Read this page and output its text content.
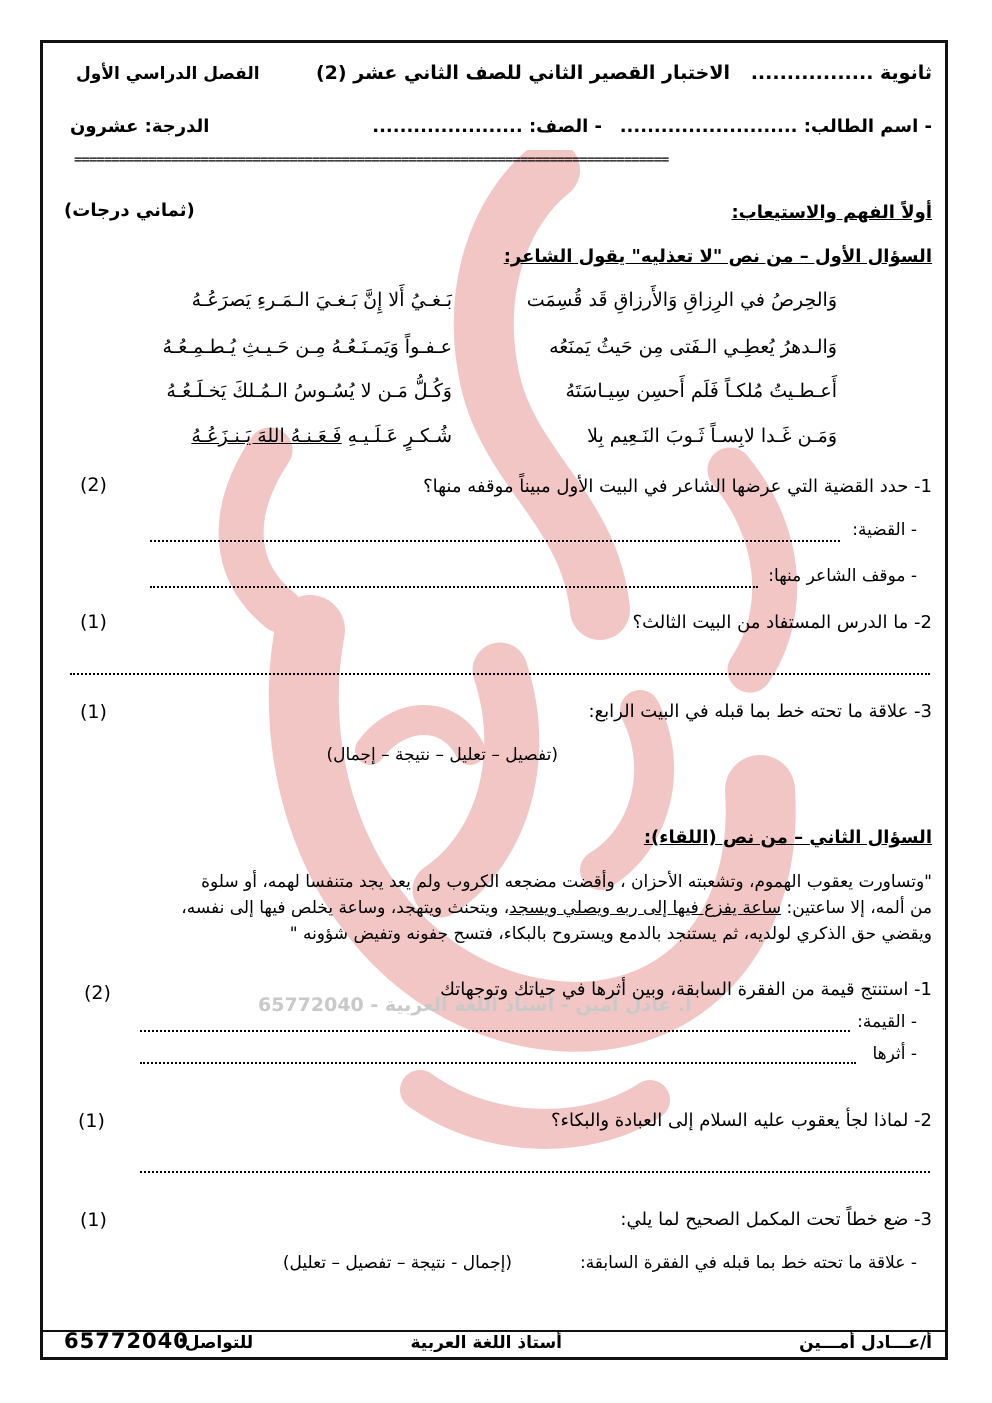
ثانوية .................
الاختبار القصير الثاني للصف الثاني عشر (2)
الفصل الدراسي الأول
- اسم الطالب: ..........................
- الصف: ......................
الدرجة: عشرون
================================================================================
أولاً الفهم والاستيعاب:
(ثماني درجات)
السؤال الأول – من نص "لا تعذليه" يقول الشاعر:
وَالحِرصُ في الرِزاقِ وَالأَرزاقِ قَد قُسِمَت
بَـغـيُ أَلا إِنَّ بَـغـيَ الـمَـرءِ يَصرَعُـهُ
وَالـدهرُ يُعطِـي الـفَتى مِن حَيثُ يَمنَعُه
عـفـواً وَيَمـنَـعُـهُ مِـن حَـيـثِ يُـطـمِـعُـهُ
أَعـطـيتُ مُلكـاً فَلَم أَحسِن سِيـاسَتَهُ
وَكُـلُّ مَـن لا يُسُـوسُ الـمُـلكَ يَخـلَـعُـهُ
وَمَـن غَـدا لابِسـاً ثَـوبَ النَـعِيم بِلا
شُـكـرٍ عَـلَـيـهِ فَـعَـنـهُ اللهَ يَـنـزَعُـهُ
1- حدد القضية التي عرضها الشاعر في البيت الأول مبيناً موقفه منها؟
(2)
- القضية:
- موقف الشاعر منها:
2- ما الدرس المستفاد من البيت الثالث؟
(1)
3- علاقة ما تحته خط بما قبله في البيت الرابع:
(1)
(تفصيل – تعليل – نتيجة – إجمال)
السؤال الثاني – من نص (اللقاء):
"وتساورت يعقوب الهموم، وتشعبته الأحزان ، وأقضت مضجعه الكروب ولم يعد يجد متنفسا لهمه، أو سلوة
من ألمه، إلا ساعتين: ساعة يفزع فيها إلى ربه ويصلي ويسجد، ويتحنث ويتهجد، وساعة يخلص فيها إلى نفسه،
ويقضي حق الذكري لولديه، ثم يستنجد بالدمع ويستروح بالبكاء، فتسح جفونه وتفيض شؤونه "
أ. عادل أمين - أستاذ اللغة العربية - 65772040
1- استنتج قيمة من الفقرة السابقة، وبين أثرها في حياتك وتوجهاتك
(2)
- القيمة:
- أثرها
2- لماذا لجأ يعقوب عليه السلام إلى العبادة والبكاء؟
(1)
3- ضع خطاً تحت المكمل الصحيح لما يلي:
(1)
- علاقة ما تحته خط بما قبله في الفقرة السابقة:
(إجمال - نتيجة – تفصيل – تعليل)
أ/عـــادل أمـــين
أستاذ اللغة العربية
للتواصل:
65772040
